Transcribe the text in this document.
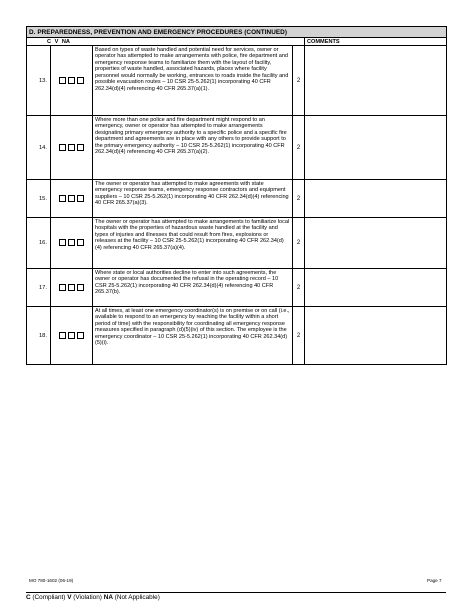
D. PREPAREDNESS, PREVENTION AND EMERGENCY PROCEDURES (CONTINUED)				
C V NA				COMMENTS
13.		Based on types of waste handled and potential need for services, owner or operator has attempted to make arrangements with police, fire department and emergency response teams to familiarize them with the layout of facility, properties of waste handled, associated hazards, places where facility personnel would normally be working, entrances to roads inside the facility and possible evacuation routes – 10 CSR 25-5.262(1) incorporating 40 CFR 262.34(d)(4) referencing 40 CFR 265.37(a)(1).	2	
14.		Where more than one police and fire department might respond to an emergency, owner or operator has attempted to make arrangements designating primary emergency authority to a specific police and a specific fire department and agreements are in place with any others to provide support to the primary emergency authority – 10 CSR 25-5.262(1) incorporating 40 CFR 262.34(d)(4) referencing 40 CFR 265.37(a)(2).	2	
15.		The owner or operator has attempted to make agreements with state emergency response teams, emergency response contractors and equipment suppliers – 10 CSR 25-5.262(1) incorporating 40 CFR 262.34(d)(4) referencing 40 CFR 265.37(a)(3).	2	
16.		The owner or operator has attempted to make arrangements to familiarize local hospitals with the properties of hazardous waste handled at the facility and types of injuries and illnesses that could result from fires, explosions or releases at the facility – 10 CSR 25-5.262(1) incorporating 40 CFR 262.34(d)(4) referencing 40 CFR 265.37(a)(4).	2	
17.		Where state or local authorities decline to enter into such agreements, the owner or operator has documented the refusal in the operating record – 10 CSR 25-5.262(1) incorporating 40 CFR 262.34(d)(4) referencing 40 CFR 265.37(b).	2	
18.		At all times, at least one emergency coordinator(s) is on premise or on call (i.e., available to respond to an emergency by reaching the facility within a short period of time) with the responsibility for coordinating all emergency response measures specified in paragraph (d)(5)(iv) of this section. The employee is the emergency coordinator – 10 CSR 25-5.262(1) incorporating 40 CFR 262.34(d)(5)(i).	2	
MO 780-1602 (06-19)	Page 7
C (Compliant) V (Violation) NA (Not Applicable)
